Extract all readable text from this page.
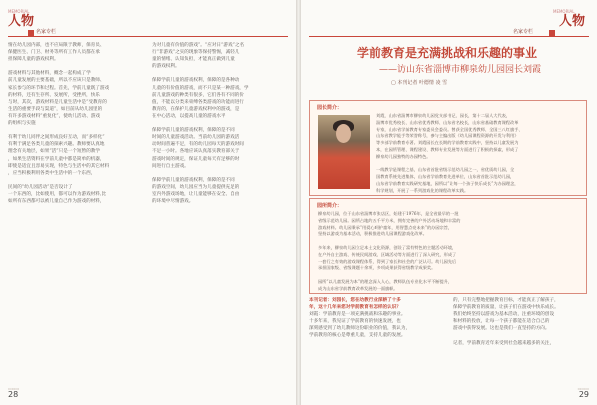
MEMORIAL
人物
名家专栏
情在幼儿园内部，也不应局限于教师，保育员、
保健医生、门卫、财务等所有工作人员都在承
担保障儿童的游戏权利。
游戏材料与其他材料，概念一起构成了学
前儿童发展的主要基础，所以不应该只是教师、
家长参与的环节和过程。首先，学前儿童既了游戏
的材料，还有生存所、发展所，受挫所，快乐
与时，其次，游戏材料是儿童生活中是“受教育的
生活的重要手段与渠道”，如目前从幼儿园里的
有许多游戏材料“重复化”，使幼儿活动、游戏
的组织与实施
有利于幼儿同伴之间形成良好互动，而“多样化”
有利于满足各类儿童的探索兴趣。教师要认真地
理念有关地层，如果“活”只是一个短暂的教学
，如果生活资料在学前儿童中都是简单的机器，
即使是适宜且容易实现，特色与生活中的其它材料
，应当积极利用各类中生活中的一个东西，
民间的“幼儿园活动”是否设计了
一个东西的，比如使用，都可以作为游戏材料,比
如所有东西都可以被儿童自己作为游戏的材料，
为对儿童有价值的游戏”。“应对日“游戏”之名
行“非游戏”之实的现象等保持警惕，减轻儿
童的情绪、认知负担，才能真正做到儿童
的游戏权利。
保障学前儿童的游戏权利，保障的是各种动
儿童的有价值的游戏，而不只是某一种游戏，学
前儿童游戏的种类有很多，它们各有不同的价
值，不能以分类来束缚各类游戏的功能而进行
教育的，在保护儿童游戏权利中的游戏，是
在中心活动，以提高儿童的游戏水平
保障学前儿童的游戏权利，保障的是不同
时间的儿童游戏活动。当前幼儿园的游戏活
动时间普遍不足，有的幼儿园每天的游戏时间
不足一小时。各地应该认真落实教育部关于
游戏时间的规定，保证儿童每天有足够的时
间进行自主游戏。
保障学前儿童的游戏权利，保障的是不同
的游戏空间，幼儿园应当为儿童提供充足的
室内外游戏场地，让儿童能够在安全、自由
的环境中尽情游戏。
▭▭▭
28
MEMORIAL
名家专栏
人物
学前教育是充满挑战和乐趣的事业
——访山东省淄博市柳泉幼儿园园长刘霞
▢ 本刊记者 叶德情 凌 雪
园长简介：
刘霞，山东省淄博市柳泉幼儿园党支部书记、园长，第十二届人大代表，
淄博市优秀校长、山东省优秀教师、山东省名校长，山东省基础教育课程改革
专家，山东省学前教育专家委员会委员。曾获全国优秀教师、全国三八红旗手、
山东省教学能手等荣誉称号，参与主编出版《幼儿园课程资源的开发与利用》
等多部学前教育专著。刘霞园长在长期的学前教育实践中，坚持以儿童发展为
本，在园所管理、课程建设、教师专业发展等方面进行了积极的探索，形成了
柳泉幼儿园独特的办园特色。
一线教学是课程之基，山东省首批省级示范幼儿园之一，省优质幼儿园，全
国教育系统先进集体，山东省学前教育先进单位，山东省首批示范幼儿园，
山东省学前教育实践研究基地，园所以“让每一个孩子快乐成长”为办园理念，
科学规划，开展了一系列游戏化的课程改革实践。
园所简介：
柳泉幼儿园，位于山东省淄博市张店区，始建于1976年，是全省最早的一批
省级示范幼儿园。园所占地约五千平方米，拥有完善的户外活动场地和丰富的
游戏材料。幼儿园秉承“用爱心呵护童年，用智慧点亮未来”的办园宗旨，
坚持以游戏为基本活动，积极推进幼儿园课程游戏化改革。
多年来，柳泉幼儿园立足本土文化资源，创设了富有特色的主题活动环境，
在户外自主游戏、传统民间游戏、区域活动等方面进行了深入研究，形成了
一套行之有效的游戏课程体系，得到了家长和社会的广泛认可。幼儿园先后
承担国家级、省级课题十余项，多项成果获得省级教学成果奖。
园所“以儿童发展为本”的理念深入人心，教师队伍专业化水平不断提升，
成为山东省学前教育改革发展的一面旗帜。
本刊记者：刘园长，您在幼教行业深耕了十多
年，这十几年来您对学前教育有怎样的认识？
刘霞：学前教育是一项充满挑战和乐趣的事业。
十多年来，我见证了学前教育的快速发展，也
深刻感受到了幼儿教师这份职业的价值，我认为，
学前教育的核心是尊重儿童，支持儿童的发展。
的，只有完整地把握教育目标，才能真正了解孩子，
保障学前教育的质量，让孩子们在游戏中快乐成长。
我们始终坚持以游戏为基本活动，注重环境的创设
和材料的投放，让每一个孩子都能在适合自己的
游戏中获得发展。这也是我们一直坚持的方向。
记者，学前教育近年来受到社会越来越多的关注，
▭▭▭
29
